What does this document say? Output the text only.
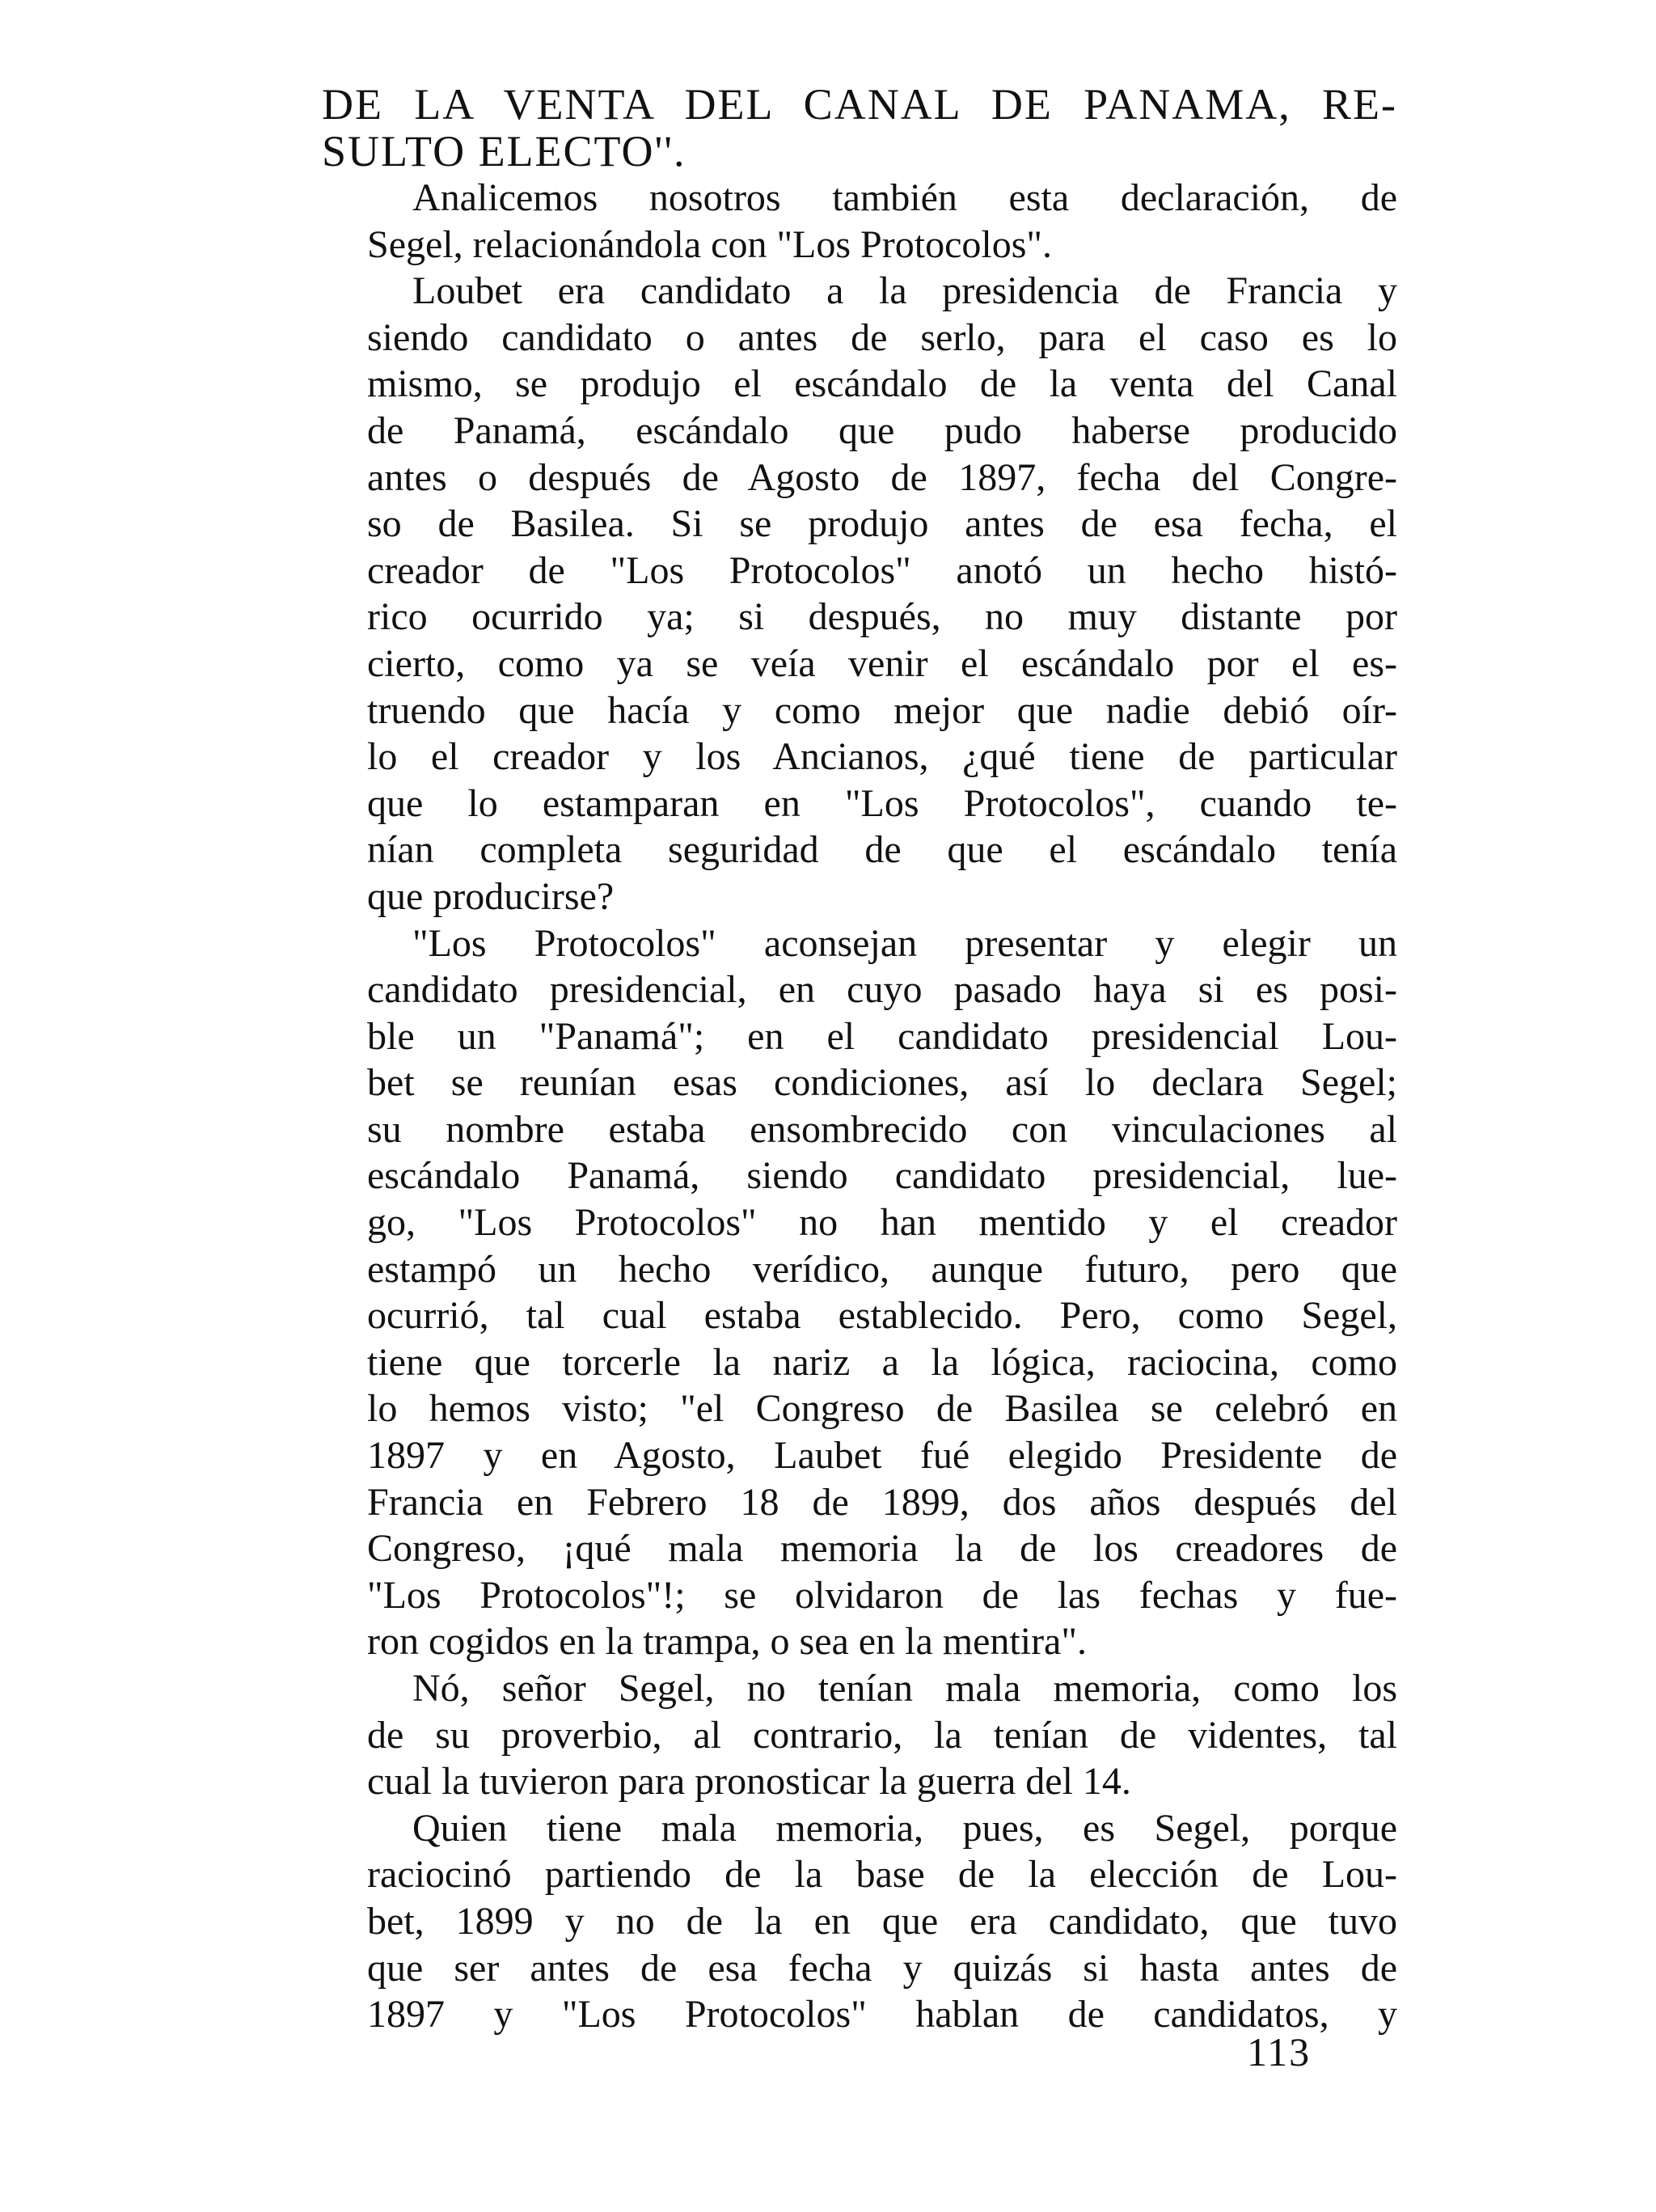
DE LA VENTA DEL CANAL DE PANAMA, RE-
SULTO ELECTO''.
Analicemos nosotros también esta declaración, de
Segel, relacionándola con "Los Protocolos".
Loubet era candidato a la presidencia de Francia y
siendo candidato o antes de serlo, para el caso es lo
mismo, se produjo el escándalo de la venta del Canal
de Panamá, escándalo que pudo haberse producido
antes o después de Agosto de 1897, fecha del Congre-
so de Basilea. Si se produjo antes de esa fecha, el
creador de "Los Protocolos" anotó un hecho histó-
rico ocurrido ya; si después, no muy distante por
cierto, como ya se veía venir el escándalo por el es-
truendo que hacía y como mejor que nadie debió oír-
lo el creador y los Ancianos, ¿qué tiene de particular
que lo estamparan en "Los Protocolos", cuando te-
nían completa seguridad de que el escándalo tenía
que producirse?
"Los Protocolos" aconsejan presentar y elegir un
candidato presidencial, en cuyo pasado haya si es posi-
ble un "Panamá"; en el candidato presidencial Lou-
bet se reunían esas condiciones, así lo declara Segel;
su nombre estaba ensombrecido con vinculaciones al
escándalo Panamá, siendo candidato presidencial, lue-
go, "Los Protocolos" no han mentido y el creador
estampó un hecho verídico, aunque futuro, pero que
ocurrió, tal cual estaba establecido. Pero, como Segel,
tiene que torcerle la nariz a la lógica, raciocina, como
lo hemos visto; "el Congreso de Basilea se celebró en
1897 y en Agosto, Laubet fué elegido Presidente de
Francia en Febrero 18 de 1899, dos años después del
Congreso, ¡qué mala memoria la de los creadores de
"Los Protocolos"!; se olvidaron de las fechas y fue-
ron cogidos en la trampa, o sea en la mentira".
Nó, señor Segel, no tenían mala memoria, como los
de su proverbio, al contrario, la tenían de videntes, tal
cual la tuvieron para pronosticar la guerra del 14.
Quien tiene mala memoria, pues, es Segel, porque
raciocinó partiendo de la base de la elección de Lou-
bet, 1899 y no de la en que era candidato, que tuvo
que ser antes de esa fecha y quizás si hasta antes de
1897 y "Los Protocolos" hablan de candidatos, y
113
